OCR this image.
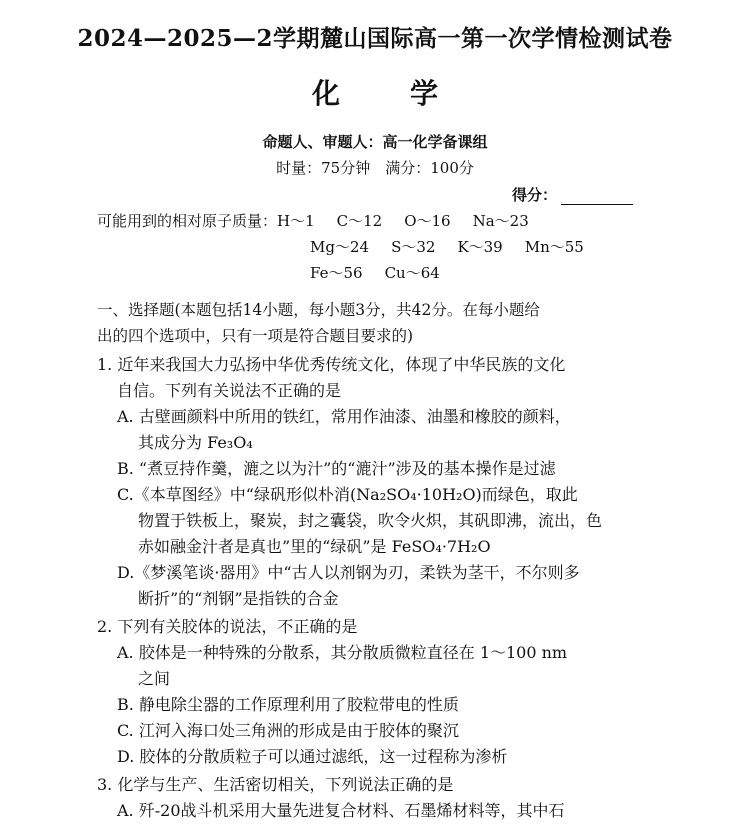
2024—2025—2学期麓山国际高一第一次学情检测试卷
化	学
命题人、审题人：高一化学备课组
时量：75分钟　满分：100分
得分：
可能用到的相对原子质量：H～1 C～12 O～16 Na～23
Mg～24 S～32 K～39 Mn～55
Fe～56 Cu～64
一、选择题(本题包括14小题，每小题3分，共42分。在每小题给
出的四个选项中，只有一项是符合题目要求的)
1. 近年来我国大力弘扬中华优秀传统文化，体现了中华民族的文化
自信。下列有关说法不正确的是
A. 古壁画颜料中所用的铁红，常用作油漆、油墨和橡胶的颜料，
其成分为 Fe₃O₄
B. “煮豆持作羹，漉之以为汁”的“漉汁”涉及的基本操作是过滤
C.《本草图经》中“绿矾形似朴消(Na₂SO₄·10H₂O)而绿色，取此
物置于铁板上，聚炭，封之囊袋，吹令火炽，其矾即沸，流出，色
赤如融金汁者是真也”里的“绿矾”是 FeSO₄·7H₂O
D.《梦溪笔谈·器用》中“古人以剂钢为刃，柔铁为茎干，不尔则多
断折”的“剂钢”是指铁的合金
2. 下列有关胶体的说法，不正确的是
A. 胶体是一种特殊的分散系，其分散质微粒直径在 1～100 nm
之间
B. 静电除尘器的工作原理利用了胶粒带电的性质
C. 江河入海口处三角洲的形成是由于胶体的聚沉
D. 胶体的分散质粒子可以通过滤纸，这一过程称为渗析
3. 化学与生产、生活密切相关，下列说法正确的是
A. 歼-20战斗机采用大量先进复合材料、石墨烯材料等，其中石
